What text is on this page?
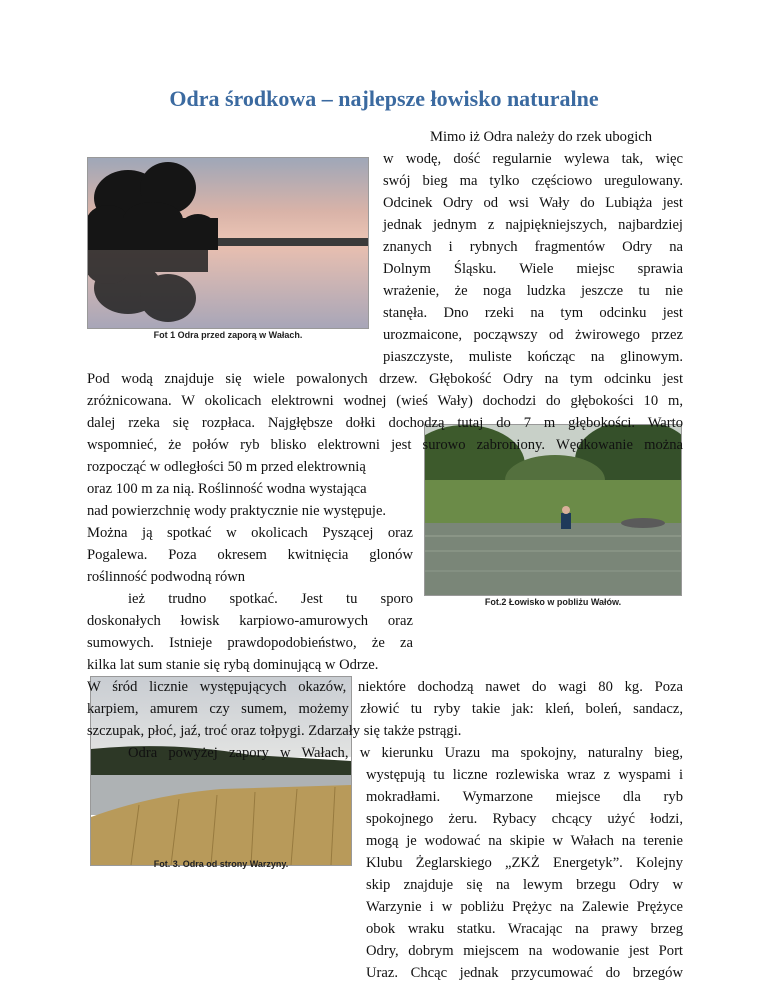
Odra środkowa – najlepsze łowisko naturalne
Fot 1 Odra przed zaporą w Wałach.
Fot.2 Łowisko w pobliżu Wałów.
Fot. 3. Odra od strony Warzyny.
Mimo iż Odra należy do rzek ubogich
w wodę, dość regularnie wylewa tak, więc
swój bieg ma tylko częściowo uregulowany.
Odcinek Odry od wsi Wały do Lubiąża jest
jednak jednym z najpiękniejszych, najbardziej
znanych i rybnych fragmentów Odry na
Dolnym Śląsku. Wiele miejsc sprawia
wrażenie, że noga ludzka jeszcze tu nie
stanęła. Dno rzeki na tym odcinku jest
urozmaicone, począwszy od żwirowego przez
piaszczyste, muliste kończąc na glinowym.
Pod wodą znajduje się wiele powalonych drzew. Głębokość Odry na tym odcinku jest
zróżnicowana. W okolicach elektrowni wodnej (wieś Wały) dochodzi do głębokości 10 m,
dalej rzeka się rozpłaca. Najgłębsze dołki dochodzą tutaj do 7 m głębokości. Warto
wspomnieć, że połów ryb blisko elektrowni jest surowo zabroniony. Wędkowanie można
rozpocząć w odległości 50 m przed elektrownią
oraz 100 m za nią. Roślinność wodna wystająca
nad powierzchnię wody praktycznie nie występuje.
Można ją spotkać w okolicach Pyszącej oraz
Pogalewa. Poza okresem kwitnięcia glonów
roślinność podwodną równ
ież trudno spotkać. Jest tu sporo
doskonałych łowisk karpiowo-amurowych oraz
sumowych. Istnieje prawdopodobieństwo, że za
kilka lat sum stanie się rybą dominującą w Odrze.
W śród licznie występujących okazów, niektóre dochodzą nawet do wagi 80 kg. Poza
karpiem, amurem czy sumem, możemy złowić tu ryby takie jak: kleń, boleń, sandacz,
szczupak, płoć, jaź, troć oraz tołpygi. Zdarzały się także pstrągi.
Odra powyżej zapory w Wałach, w kierunku Urazu ma spokojny, naturalny bieg,
występują tu liczne rozlewiska wraz z wyspami i
mokradłami. Wymarzone miejsce dla ryb
spokojnego żeru. Rybacy chcący użyć łodzi,
mogą je wodować na skipie w Wałach na terenie
Klubu Żeglarskiego „ZKŻ Energetyk”. Kolejny
skip znajduje się na lewym brzegu Odry w
Warzynie i w pobliżu Prężyc na Zalewie Prężyce
obok wraku statku. Wracając na prawy brzeg
Odry, dobrym miejscem na wodowanie jest Port
Uraz. Chcąc jednak przycumować do brzegów
